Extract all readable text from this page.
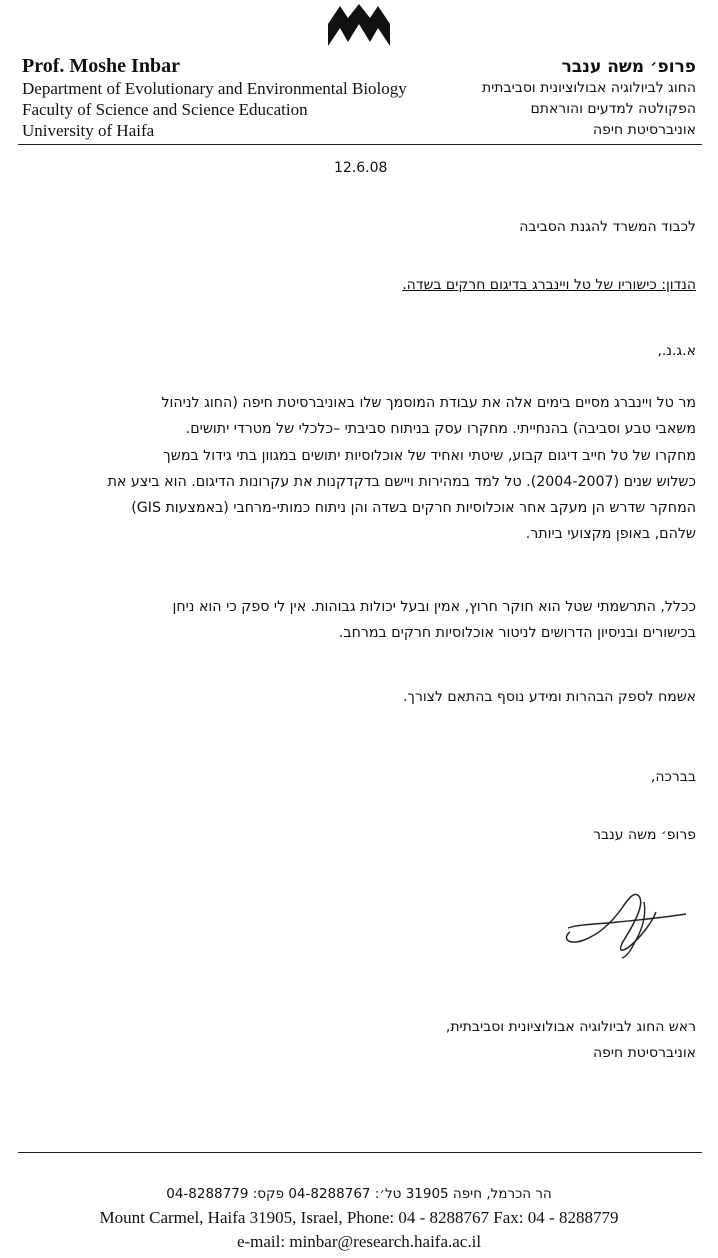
Prof. Moshe Inbar
Department of Evolutionary and Environmental Biology
Faculty of Science and Science Education
University of Haifa
פרופ׳ משה ענבר
החוג לביולוגיה אבולוציונית וסביבתית
הפקולטה למדעים והוראתם
אוניברסיטת חיפה
12.6.08
לכבוד המשרד להגנת הסביבה
הנדון: כישוריו של טל ויינברג בדיגום חרקים בשדה.
א.ג.נ.,
מר טל ויינברג מסיים בימים אלה את עבודת המוסמך שלו באוניברסיטת חיפה (החוג לניהול
משאבי טבע וסביבה) בהנחייתי. מחקרו עסק בניתוח סביבתי –כלכלי של מטרדי יתושים.
מחקרו של טל חייב דיגום קבוע, שיטתי ואחיד של אוכלוסיות יתושים במגוון בתי גידול במשך
כשלוש שנים (2004-2007). טל למד במהירות ויישם בדקדקנות את עקרונות הדיגום. הוא ביצע את
המחקר שדרש הן מעקב אחר אוכלוסיות חרקים בשדה והן ניתוח כמותי-מרחבי (באמצעות GIS)
שלהם, באופן מקצועי ביותר.
ככלל, התרשמתי שטל הוא חוקר חרוץ, אמין ובעל יכולות גבוהות. אין לי ספק כי הוא ניחן
בכישורים ובניסיון הדרושים לניטור אוכלוסיות חרקים במרחב.
אשמח לספק הבהרות ומידע נוסף בהתאם לצורך.
בברכה,
פרופ׳ משה ענבר
ראש החוג לביולוגיה אבולוציונית וסביבתית,
אוניברסיטת חיפה
הר הכרמל, חיפה 31905 טל׳: 04-8288767 פקס: 04-8288779
Mount Carmel, Haifa 31905, Israel, Phone: 04 - 8288767 Fax: 04 - 8288779
e-mail: minbar@research.haifa.ac.il
